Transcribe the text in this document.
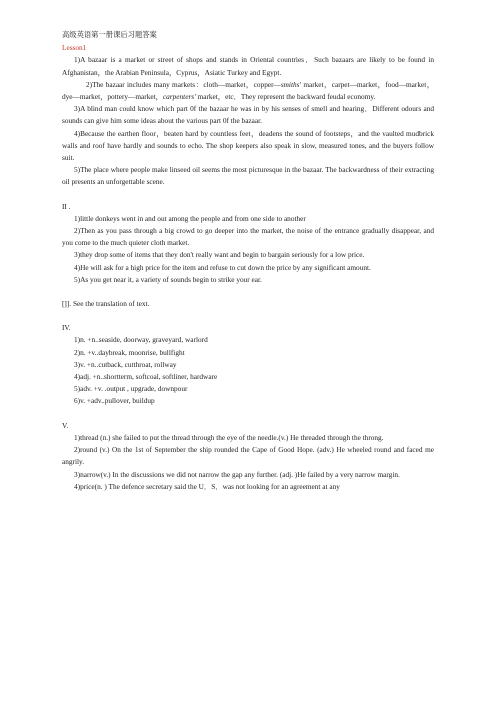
高级英语第一册课后习题答案
Lesson1

1)A bazaar is a market or street of shops and stands in Oriental countries．Such bazaars are likely to be found in Afghanistan，the Arabian Peninsula，Cyprus，Asiatic Turkey and Egypt.

2)The bazaar includes many markets：cloth—market，copper—smiths' market，carpet—market，food—market，dye—market，pottery—market，carpenters' market，etc．They represent the backward feudal economy.

3)A blind man could know which part 0f the bazaar he was in by his senses of smell and hearing．Different odours and sounds can give him some ideas about the various part 0f the bazaar.

4)Because the earthen floor，beaten hard by countless feet，deadens the sound of footsteps，and the vaulted mudbrick walls and roof have hardly and sounds to echo. The shop keepers also speak in slow, measured tones, and the buyers follow suit.

5)The place where people make linseed oil seems the most picturesque in the bazaar. The backwardness of their extracting oil presents an unforgettable scene.

II .

1)little donkeys went in and out among the people and from one side to another

2)Then as you pass through a big crowd to go deeper into the market, the noise of the entrance gradually disappear, and you come to the much quieter cloth market.

3)they drop some of items that they don't really want and begin to bargain seriously for a low price.

4)He will ask for a high price for the item and refuse to cut down the price by any significant amount.

5)As you get near it, a variety of sounds begin to strike your ear.

[]]. See the translation of text.
IV.

1)n. +n..seaside, doorway, graveyard, warlord

2)n. +v..daybreak, moonrise, bullfight

3)v. +n..cutback, cutthroat, rollway

4)adj. +n..shortterm, softcoal, softliner, hardware

5)adv. +v. .output , upgrade, downpour

6)v. +adv..pullover, buildup

V.

1)thread (n.) she failed to put the thread through the eye of the needle.(v.) He threaded through the throng.

2)round (v.) On the 1st of September the ship rounded the Cape of Good Hope. (adv.) He wheeled round and faced me angrily.

3)narrow(v.) In the discussions we did not narrow the gap any further. (adj. )He failed by a very narrow margin.

4)price(n. ) The defence secretary said the U．S．was not looking for an agreement at any
